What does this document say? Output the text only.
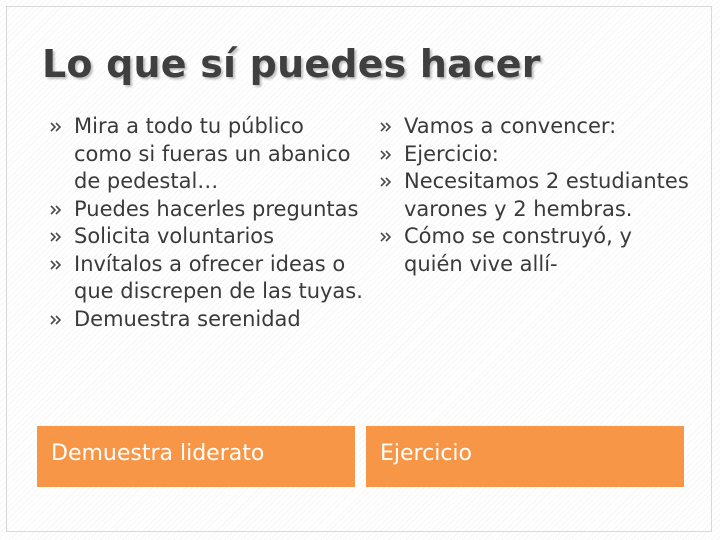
Lo que sí puedes hacer
Mira a todo tu público como si fueras un abanico de pedestal…
Puedes hacerles preguntas
Solicita voluntarios
Invítalos a ofrecer ideas o que discrepen de las tuyas.
Demuestra serenidad
Vamos a convencer:
Ejercicio:
Necesitamos 2 estudiantes varones y 2 hembras.
Cómo se construyó, y quién vive allí-
Demuestra liderato	Ejercicio
